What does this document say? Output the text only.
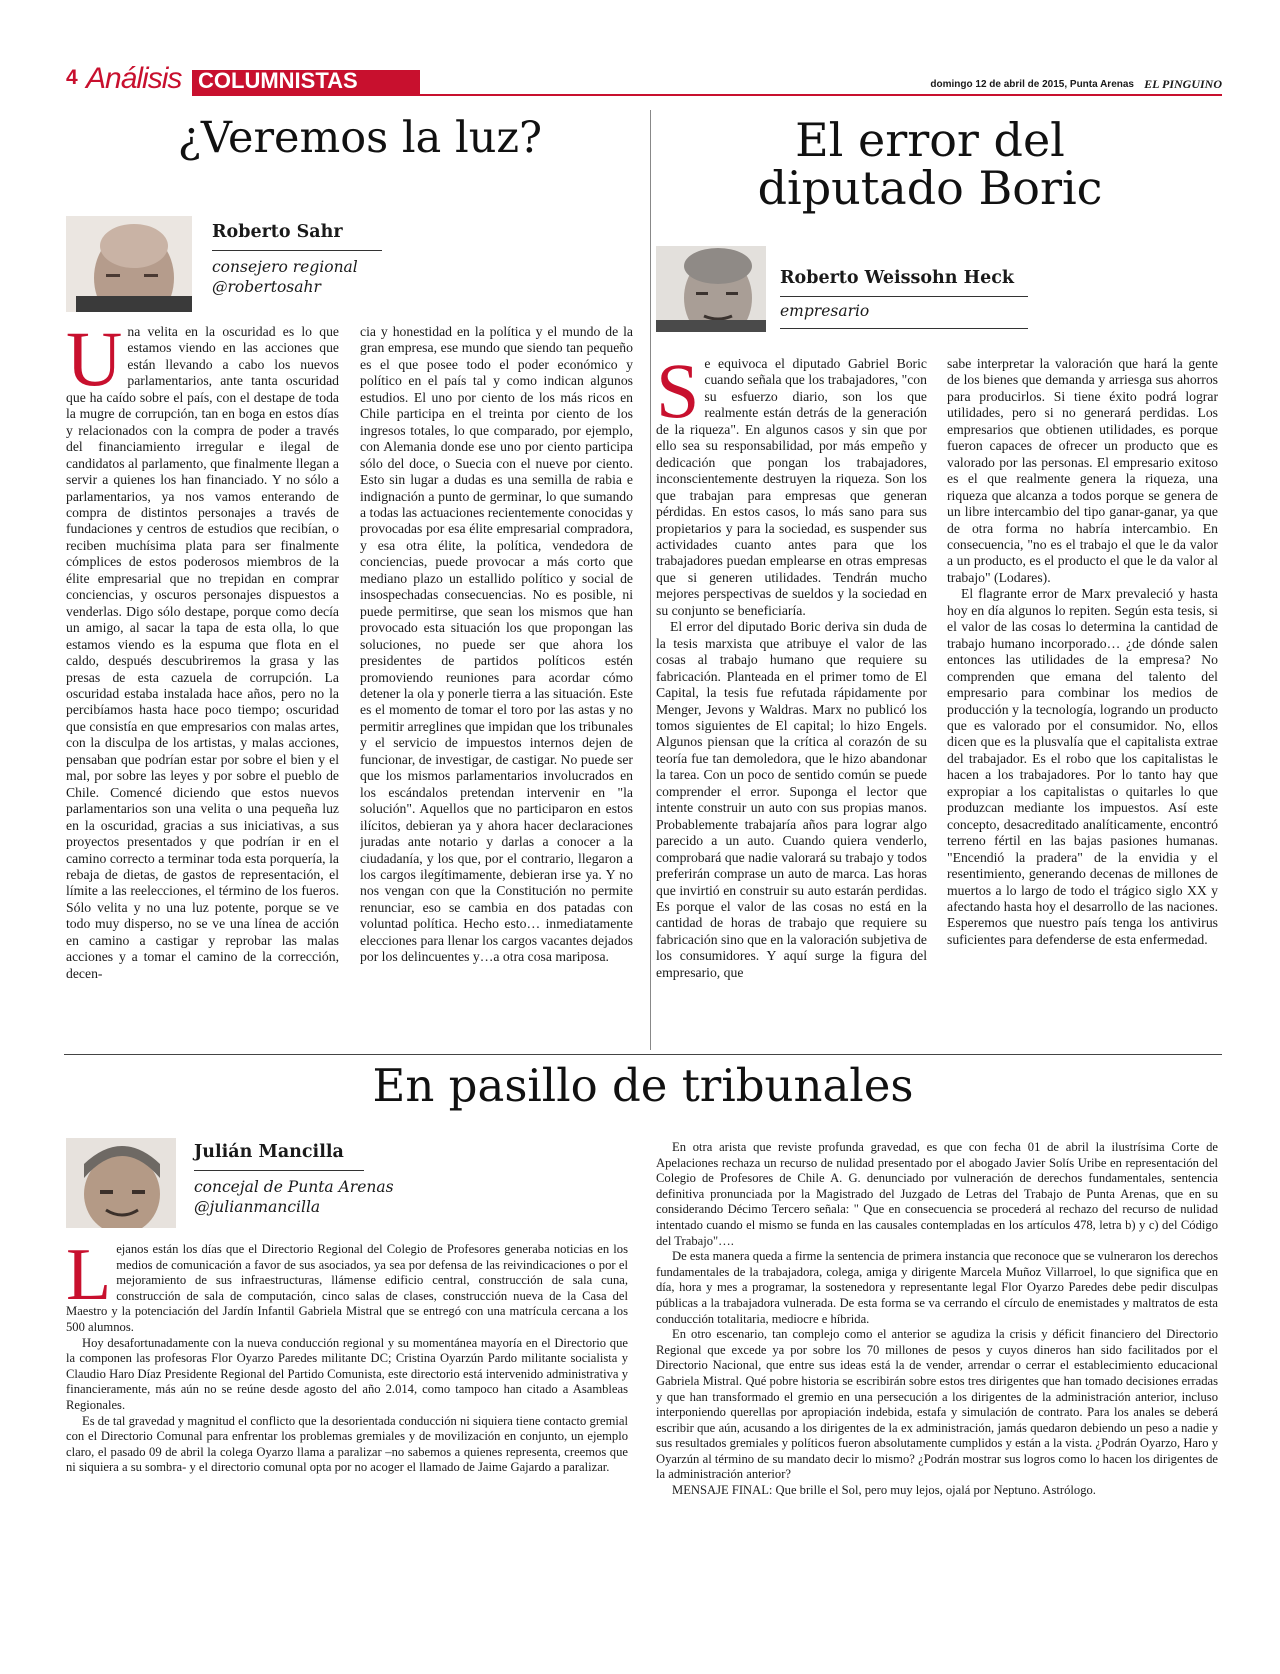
4 Análisis COLUMNISTAS	domingo 12 de abril de 2015, Punta Arenas EL PINGUINO
¿Veremos la luz?
Roberto Sahr
consejero regional
@robertosahr

Una velita en la oscuridad es lo que estamos viendo en las acciones que están llevando a cabo los nuevos parlamentarios, ante tanta oscuridad que ha caído sobre el país, con el destape de toda la mugre de corrupción, tan en boga en estos días y relacionados con la compra de poder a través del financiamiento irregular e ilegal de candidatos al parlamento, que finalmente llegan a servir a quienes los han financiado. Y no sólo a parlamentarios, ya nos vamos enterando de compra de distintos personajes a través de fundaciones y centros de estudios que recibían, o reciben muchísima plata para ser finalmente cómplices de estos poderosos miembros de la élite empresarial que no trepidan en comprar conciencias, y oscuros personajes dispuestos a venderlas. Digo sólo destape, porque como decía un amigo, al sacar la tapa de esta olla, lo que estamos viendo es la espuma que flota en el caldo, después descubriremos la grasa y las presas de esta cazuela de corrupción. La oscuridad estaba instalada hace años, pero no la percibíamos hasta hace poco tiempo; oscuridad que consistía en que empresarios con malas artes, con la disculpa de los artistas, y malas acciones, pensaban que podrían estar por sobre el bien y el mal, por sobre las leyes y por sobre el pueblo de Chile. Comencé diciendo que estos nuevos parlamentarios son una velita o una pequeña luz en la oscuridad, gracias a sus iniciativas, a sus proyectos presentados y que podrían ir en el camino correcto a terminar toda esta porquería, la rebaja de dietas, de gastos de representación, el límite a las reelecciones, el término de los fueros. Sólo velita y no una luz potente, porque se ve todo muy disperso, no se ve una línea de acción en camino a castigar y reprobar las malas acciones y a tomar el camino de la corrección, decen-

cia y honestidad en la política y el mundo de la gran empresa, ese mundo que siendo tan pequeño es el que posee todo el poder económico y político en el país tal y como indican algunos estudios. El uno por ciento de los más ricos en Chile participa en el treinta por ciento de los ingresos totales, lo que comparado, por ejemplo, con Alemania donde ese uno por ciento participa sólo del doce, o Suecia con el nueve por ciento. Esto sin lugar a dudas es una semilla de rabia e indignación a punto de germinar, lo que sumando a todas las actuaciones recientemente conocidas y provocadas por esa élite empresarial compradora, y esa otra élite, la política, vendedora de conciencias, puede provocar a más corto que mediano plazo un estallido político y social de insospechadas consecuencias. No es posible, ni puede permitirse, que sean los mismos que han provocado esta situación los que propongan las soluciones, no puede ser que ahora los presidentes de partidos políticos estén promoviendo reuniones para acordar cómo detener la ola y ponerle tierra a las situación. Este es el momento de tomar el toro por las astas y no permitir arreglines que impidan que los tribunales y el servicio de impuestos internos dejen de funcionar, de investigar, de castigar. No puede ser que los mismos parlamentarios involucrados en los escándalos pretendan intervenir en "la solución". Aquellos que no participaron en estos ilícitos, debieran ya y ahora hacer declaraciones juradas ante notario y darlas a conocer a la ciudadanía, y los que, por el contrario, llegaron a los cargos ilegítimamente, debieran irse ya. Y no nos vengan con que la Constitución no permite renunciar, eso se cambia en dos patadas con voluntad política. Hecho esto… inmediatamente elecciones para llenar los cargos vacantes dejados por los delincuentes y…a otra cosa mariposa.

El error del
diputado Boric
Roberto Weissohn Heck
empresario

Se equivoca el diputado Gabriel Boric cuando señala que los trabajadores, "con su esfuerzo diario, son los que realmente están detrás de la generación de la riqueza". En algunos casos y sin que por ello sea su responsabilidad, por más empeño y dedicación que pongan los trabajadores, inconscientemente destruyen la riqueza. Son los que trabajan para empresas que generan pérdidas. En estos casos, lo más sano para sus propietarios y para la sociedad, es suspender sus actividades cuanto antes para que los trabajadores puedan emplearse en otras empresas que si generen utilidades. Tendrán mucho mejores perspectivas de sueldos y la sociedad en su conjunto se beneficiaría.

El error del diputado Boric deriva sin duda de la tesis marxista que atribuye el valor de las cosas al trabajo humano que requiere su fabricación. Planteada en el primer tomo de El Capital, la tesis fue refutada rápidamente por Menger, Jevons y Waldras. Marx no publicó los tomos siguientes de El capital; lo hizo Engels. Algunos piensan que la crítica al corazón de su teoría fue tan demoledora, que le hizo abandonar la tarea. Con un poco de sentido común se puede comprender el error. Suponga el lector que intente construir un auto con sus propias manos. Probablemente trabajaría años para lograr algo parecido a un auto. Cuando quiera venderlo, comprobará que nadie valorará su trabajo y todos preferirán comprase un auto de marca. Las horas que invirtió en construir su auto estarán perdidas. Es porque el valor de las cosas no está en la cantidad de horas de trabajo que requiere su fabricación sino que en la valoración subjetiva de los consumidores. Y aquí surge la figura del empresario, que

sabe interpretar la valoración que hará la gente de los bienes que demanda y arriesga sus ahorros para producirlos. Si tiene éxito podrá lograr utilidades, pero si no generará perdidas. Los empresarios que obtienen utilidades, es porque fueron capaces de ofrecer un producto que es valorado por las personas. El empresario exitoso es el que realmente genera la riqueza, una riqueza que alcanza a todos porque se genera de un libre intercambio del tipo ganar-ganar, ya que de otra forma no habría intercambio. En consecuencia, "no es el trabajo el que le da valor a un producto, es el producto el que le da valor al trabajo" (Lodares).

El flagrante error de Marx prevaleció y hasta hoy en día algunos lo repiten. Según esta tesis, si el valor de las cosas lo determina la cantidad de trabajo humano incorporado… ¿de dónde salen entonces las utilidades de la empresa? No comprenden que emana del talento del empresario para combinar los medios de producción y la tecnología, logrando un producto que es valorado por el consumidor. No, ellos dicen que es la plusvalía que el capitalista extrae del trabajador. Es el robo que los capitalistas le hacen a los trabajadores. Por lo tanto hay que expropiar a los capitalistas o quitarles lo que produzcan mediante los impuestos. Así este concepto, desacreditado analíticamente, encontró terreno fértil en las bajas pasiones humanas. "Encendió la pradera" de la envidia y el resentimiento, generando decenas de millones de muertos a lo largo de todo el trágico siglo XX y afectando hasta hoy el desarrollo de las naciones. Esperemos que nuestro país tenga los antivirus suficientes para defenderse de esta enfermedad.

En pasillo de tribunales
Julián Mancilla
concejal de Punta Arenas
@julianmancilla

Lejanos están los días que el Directorio Regional del Colegio de Profesores generaba noticias en los medios de comunicación a favor de sus asociados, ya sea por defensa de las reivindicaciones o por el mejoramiento de sus infraestructuras, llámense edificio central, construcción de sala cuna, construcción de sala de computación, cinco salas de clases, construcción nueva de la Casa del Maestro y la potenciación del Jardín Infantil Gabriela Mistral que se entregó con una matrícula cercana a los 500 alumnos.

Hoy desafortunadamente con la nueva conducción regional y su momentánea mayoría en el Directorio que la componen las profesoras Flor Oyarzo Paredes militante DC; Cristina Oyarzún Pardo militante socialista y Claudio Haro Díaz Presidente Regional del Partido Comunista, este directorio está intervenido administrativa y financieramente, más aún no se reúne desde agosto del año 2.014, como tampoco han citado a Asambleas Regionales.

Es de tal gravedad y magnitud el conflicto que la desorientada conducción ni siquiera tiene contacto gremial con el Directorio Comunal para enfrentar los problemas gremiales y de movilización en conjunto, un ejemplo claro, el pasado 09 de abril la colega Oyarzo llama a paralizar –no sabemos a quienes representa, creemos que ni siquiera a su sombra- y el directorio comunal opta por no acoger el llamado de Jaime Gajardo a paralizar.

En otra arista que reviste profunda gravedad, es que con fecha 01 de abril la ilustrísima Corte de Apelaciones rechaza un recurso de nulidad presentado por el abogado Javier Solís Uribe en representación del Colegio de Profesores de Chile A. G. denunciado por vulneración de derechos fundamentales, sentencia definitiva pronunciada por la Magistrado del Juzgado de Letras del Trabajo de Punta Arenas, que en su considerando Décimo Tercero señala: " Que en consecuencia se procederá al rechazo del recurso de nulidad intentado cuando el mismo se funda en las causales contempladas en los artículos 478, letra b) y c) del Código del Trabajo"….

De esta manera queda a firme la sentencia de primera instancia que reconoce que se vulneraron los derechos fundamentales de la trabajadora, colega, amiga y dirigente Marcela Muñoz Villarroel, lo que significa que en día, hora y mes a programar, la sostenedora y representante legal Flor Oyarzo Paredes debe pedir disculpas públicas a la trabajadora vulnerada. De esta forma se va cerrando el círculo de enemistades y maltratos de esta conducción totalitaria, mediocre e híbrida.

En otro escenario, tan complejo como el anterior se agudiza la crisis y déficit financiero del Directorio Regional que excede ya por sobre los 70 millones de pesos y cuyos dineros han sido facilitados por el Directorio Nacional, que entre sus ideas está la de vender, arrendar o cerrar el establecimiento educacional Gabriela Mistral. Qué pobre historia se escribirán sobre estos tres dirigentes que han tomado decisiones erradas y que han transformado el gremio en una persecución a los dirigentes de la administración anterior, incluso interponiendo querellas por apropiación indebida, estafa y simulación de contrato. Para los anales se deberá escribir que aún, acusando a los dirigentes de la ex administración, jamás quedaron debiendo un peso a nadie y sus resultados gremiales y políticos fueron absolutamente cumplidos y están a la vista. ¿Podrán Oyarzo, Haro y Oyarzún al término de su mandato decir lo mismo? ¿Podrán mostrar sus logros como lo hacen los dirigentes de la administración anterior?

MENSAJE FINAL: Que brille el Sol, pero muy lejos, ojalá por Neptuno. Astrólogo.
